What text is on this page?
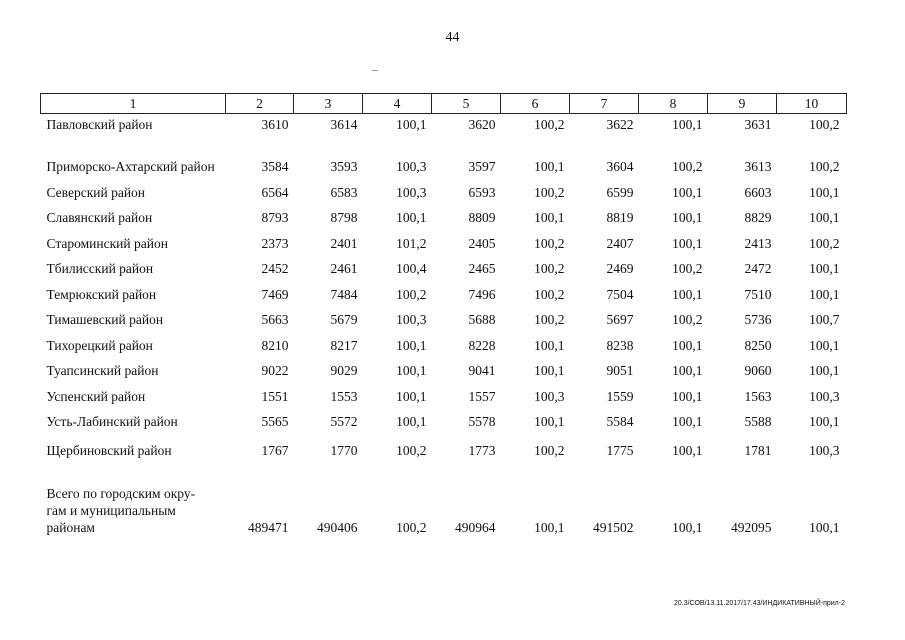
44
1	2	3	4	5	6	7	8	9	10
Павловский район	3610	3614	100,1	3620	100,2	3622	100,1	3631	100,2
Приморско-Ахтарский район	3584	3593	100,3	3597	100,1	3604	100,2	3613	100,2
Северский район	6564	6583	100,3	6593	100,2	6599	100,1	6603	100,1
Славянский район	8793	8798	100,1	8809	100,1	8819	100,1	8829	100,1
Староминский район	2373	2401	101,2	2405	100,2	2407	100,1	2413	100,2
Тбилисский район	2452	2461	100,4	2465	100,2	2469	100,2	2472	100,1
Темрюкский район	7469	7484	100,2	7496	100,2	7504	100,1	7510	100,1
Тимашевский район	5663	5679	100,3	5688	100,2	5697	100,2	5736	100,7
Тихорецкий район	8210	8217	100,1	8228	100,1	8238	100,1	8250	100,1
Туапсинский район	9022	9029	100,1	9041	100,1	9051	100,1	9060	100,1
Успенский район	1551	1553	100,1	1557	100,3	1559	100,1	1563	100,3
Усть-Лабинский район	5565	5572	100,1	5578	100,1	5584	100,1	5588	100,1
Щербиновский район	1767	1770	100,2	1773	100,2	1775	100,1	1781	100,3
Всего по городским окру-
гам и муниципальным
районам	489471	490406	100,2	490964	100,1	491502	100,1	492095	100,1
20.3/СОВ/13.11.2017/17.43/ИНДИКАТИВНЫЙ-прил-2
